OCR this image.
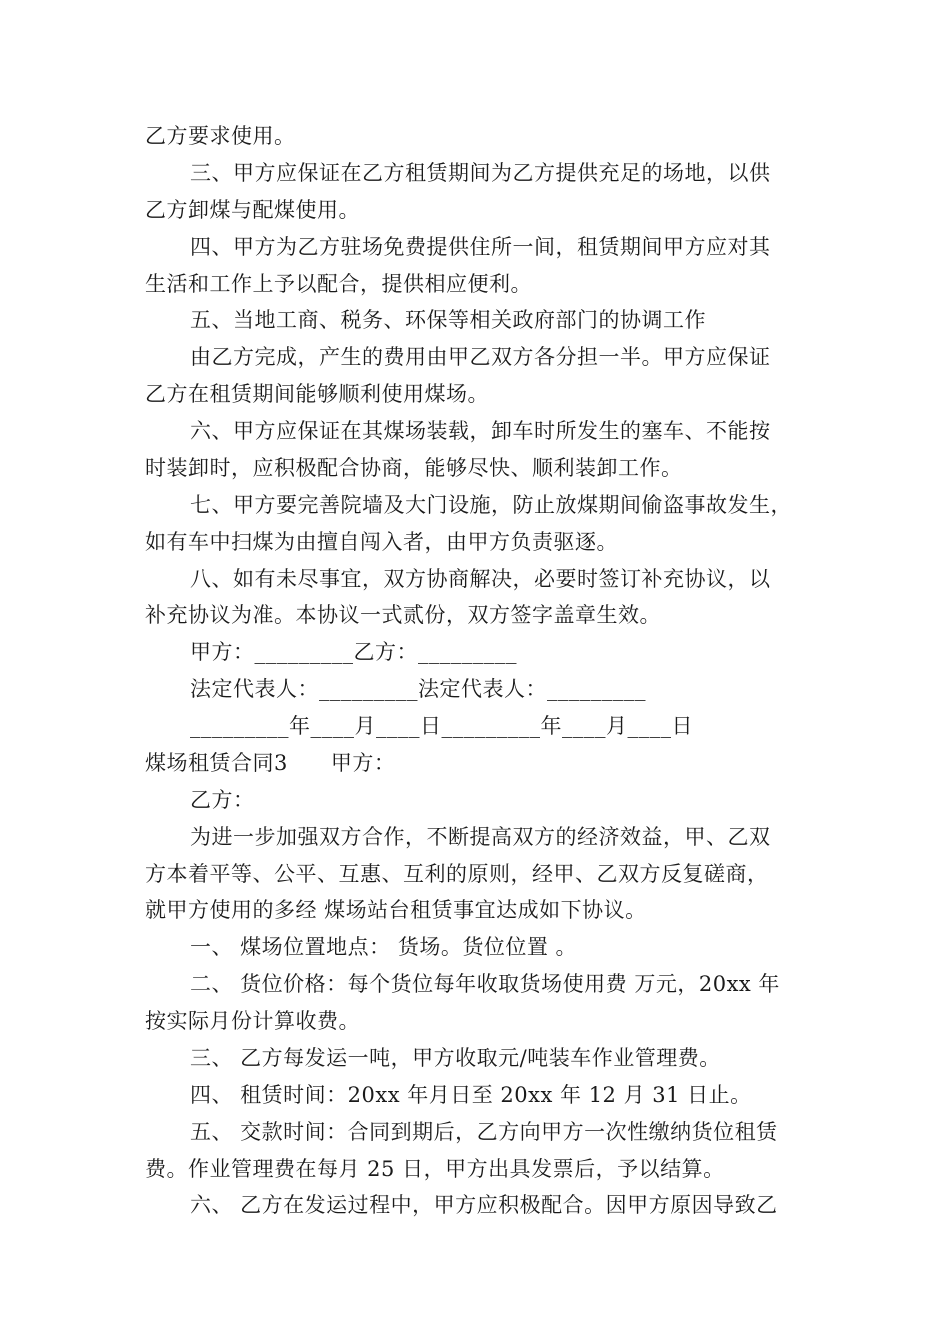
乙方要求使用。
三、甲方应保证在乙方租赁期间为乙方提供充足的场地，以供
乙方卸煤与配煤使用。
四、甲方为乙方驻场免费提供住所一间，租赁期间甲方应对其
生活和工作上予以配合，提供相应便利。
五、当地工商、税务、环保等相关政府部门的协调工作
由乙方完成，产生的费用由甲乙双方各分担一半。甲方应保证
乙方在租赁期间能够顺利使用煤场。
六、甲方应保证在其煤场装载，卸车时所发生的塞车、不能按
时装卸时，应积极配合协商，能够尽快、顺利装卸工作。
七、甲方要完善院墙及大门设施，防止放煤期间偷盗事故发生，
如有车中扫煤为由擅自闯入者，由甲方负责驱逐。
八、如有未尽事宜，双方协商解决，必要时签订补充协议，以
补充协议为准。本协议一式贰份，双方签字盖章生效。
甲方：_________乙方：_________
法定代表人：_________法定代表人：_________
_________年____月____日_________年____月____日
煤场租赁合同3　　甲方：
乙方：
为进一步加强双方合作，不断提高双方的经济效益，甲、乙双
方本着平等、公平、互惠、互利的原则，经甲、乙双方反复磋商，
就甲方使用的多经 煤场站台租赁事宜达成如下协议。
一、 煤场位置地点： 货场。货位位置 。
二、 货位价格：每个货位每年收取货场使用费 万元，20xx 年
按实际月份计算收费。
三、 乙方每发运一吨，甲方收取元/吨装车作业管理费。
四、 租赁时间：20xx 年月日至 20xx 年 12 月 31 日止。
五、 交款时间：合同到期后，乙方向甲方一次性缴纳货位租赁
费。作业管理费在每月 25 日，甲方出具发票后，予以结算。
六、 乙方在发运过程中，甲方应积极配合。因甲方原因导致乙
